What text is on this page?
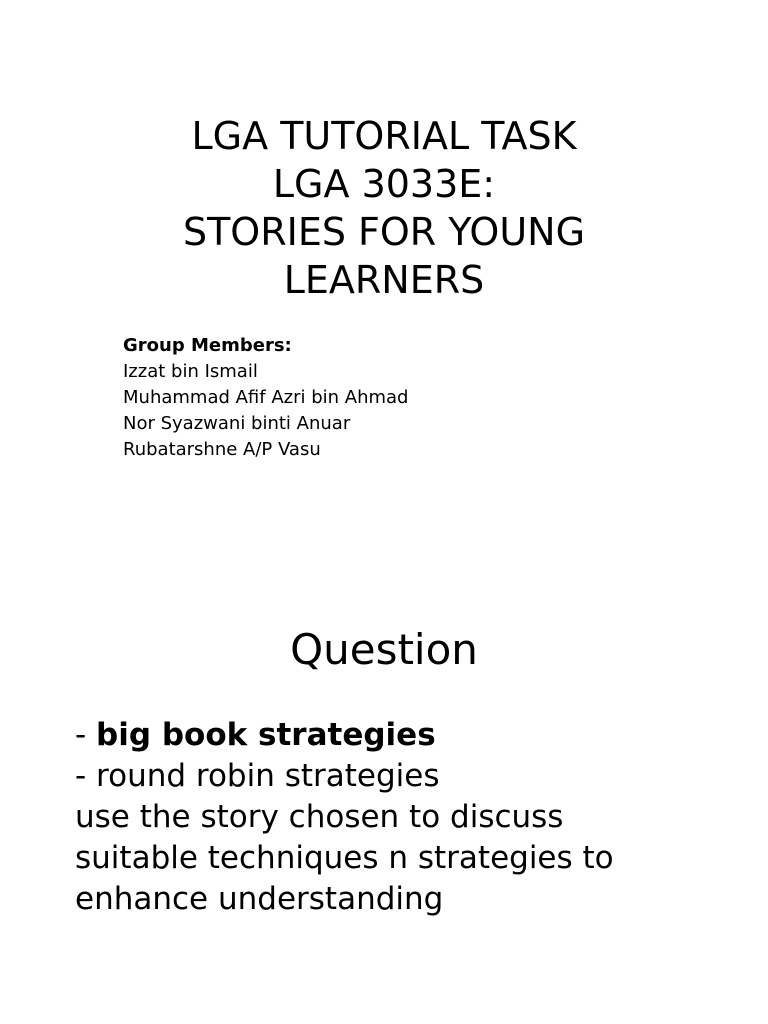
LGA TUTORIAL TASK
LGA 3033E:
STORIES FOR YOUNG
LEARNERS
Group Members:
Izzat bin Ismail
Muhammad Afif Azri bin Ahmad
Nor Syazwani binti Anuar
Rubatarshne A/P Vasu
Question
- big book strategies
- round robin strategies
use the story chosen to discuss
suitable techniques n strategies to
enhance understanding
